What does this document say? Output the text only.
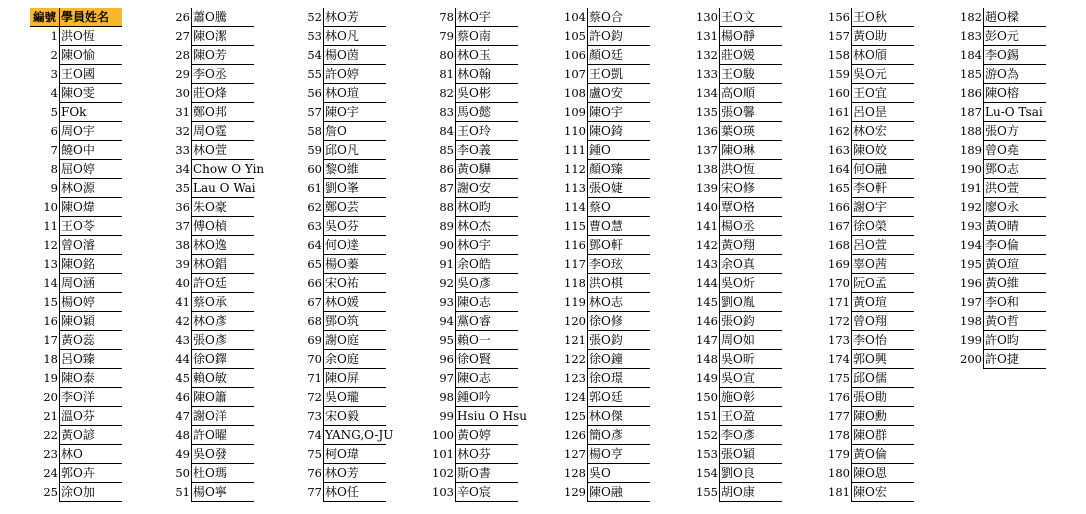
編號 學員姓名
1 洪O恆
2 陳O愉
3 王O國
4 陳O雯
5 FOk
6 周O宇
7 饒O中
8 屈O婷
9 林O源
10 陳O煒
11 王O苓
12 曾O濬
13 陳O銘
14 周O涵
15 楊O婷
16 陳O穎
17 黃O蕊
18 呂O臻
19 陳O泰
20 李O洋
21 溫O芬
22 黃O諺
23 林O
24 郭O卉
25 涂O加
26 蕭O騰
27 陳O潔
28 陳O芳
29 李O丞
30 莊O烽
31 鄭O邦
32 周O霆
33 林O萱
34 Chow O Yin
35 Lau O Wai
36 朱O豪
37 傅O楨
38 林O逸
39 林O錩
40 許O廷
41 蔡O承
42 林O彥
43 張O彥
44 徐O鐸
45 賴O敏
46 陳O簫
47 謝O洋
48 許O曜
49 吳O發
50 杜O瑪
51 楊O寧
52 林O芳
53 林O凡
54 楊O茵
55 許O婷
56 林O瑄
57 陳O宇
58 詹O
59 邱O凡
60 黎O維
61 劉O峯
62 鄭O芸
63 吳O芬
64 何O達
65 楊O蓁
66 宋O祐
67 林O媛
68 鄧O筑
69 謝O庭
70 余O庭
71 陳O屏
72 吳O瓏
73 宋O毅
74 YANG,O-JU
75 柯O瑋
76 林O芳
77 林O任
78 林O宇
79 蔡O南
80 林O玉
81 林O翰
82 吳O彬
83 馬O懿
84 王O玲
85 李O義
86 黃O驊
87 謝O安
88 林O昀
89 林O杰
90 林O宇
91 余O皓
92 吳O彥
93 陳O志
94 黨O睿
95 賴O一
96 徐O賢
97 陳O志
98 鍾O吟
99 Hsiu O Hsu
100 黃O婷
101 林O芬
102 斯O書
103 辛O宸
104 蔡O合
105 許O鈞
106 顏O廷
107 王O凱
108 盧O安
109 陳O宇
110 陳O錡
111 鍾O
112 顏O臻
113 張O婕
114 蔡O
115 曹O慧
116 鄧O軒
117 李O玹
118 洪O棋
119 林O志
120 徐O修
121 張O鈞
122 徐O鐘
123 徐O璟
124 郭O廷
125 林O傑
126 簡O彥
127 楊O亨
128 吳O
129 陳O融
130 王O文
131 楊O靜
132 莊O媛
133 王O駿
134 高O順
135 張O馨
136 葉O瑛
137 陳O琳
138 洪O恆
139 宋O修
140 覃O格
141 楊O丞
142 黃O翔
143 余O真
144 吳O炘
145 劉O胤
146 張O鈞
147 周O如
148 吳O昕
149 吳O宣
150 施O彰
151 王O盈
152 李O彥
153 張O穎
154 劉O良
155 胡O康
156 王O秋
157 黃O助
158 林O頎
159 吳O元
160 王O宜
161 呂O昰
162 林O宏
163 陳O姣
164 何O融
165 李O軒
166 謝O宇
167 徐O榮
168 呂O萱
169 辜O茜
170 阮O孟
171 黃O瑄
172 曾O翔
173 李O怡
174 郭O興
175 邱O儒
176 張O勛
177 陳O勳
178 陳O群
179 黃O倫
180 陳O恩
181 陳O宏
182 趙O樑
183 彭O元
184 李O錫
185 游O為
186 陳O榕
187 Lu-O Tsai
188 張O方
189 曾O堯
190 鄧O志
191 洪O萱
192 廖O永
193 黃O晴
194 李O倫
195 黃O瑄
196 黃O維
197 李O和
198 黃O哲
199 許O昀
200 許O捷
